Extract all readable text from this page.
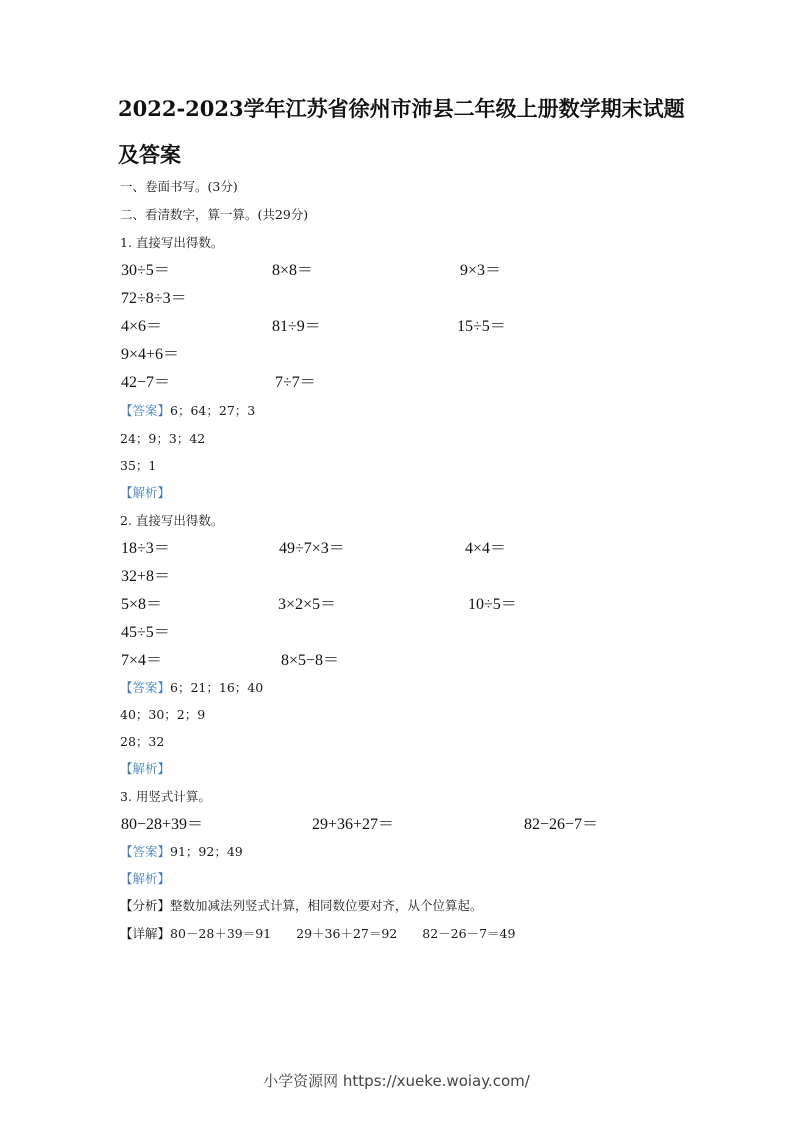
2022-2023学年江苏省徐州市沛县二年级上册数学期末试题
及答案
一、卷面书写。(3分)
二、看清数字，算一算。(共29分)
1. 直接写出得数。
30÷5＝	8×8＝	9×3＝
72÷8÷3＝
4×6＝	81÷9＝	15÷5＝
9×4+6＝
42−7＝	7÷7＝
【答案】6；64；27；3
24；9；3；42
35；1
【解析】
2. 直接写出得数。
18÷3＝	49÷7×3＝	4×4＝
32+8＝
5×8＝	3×2×5＝	10÷5＝
45÷5＝
7×4＝	8×5−8＝
【答案】6；21；16；40
40；30；2；9
28；32
【解析】
3. 用竖式计算。
80−28+39＝	29+36+27＝	82−26−7＝
【答案】91；92；49
【解析】
【分析】整数加减法列竖式计算，相同数位要对齐，从个位算起。
【详解】80－28＋39＝91　　29＋36＋27＝92　　82－26－7＝49
小学资源网 https://xueke.woiay.com/
